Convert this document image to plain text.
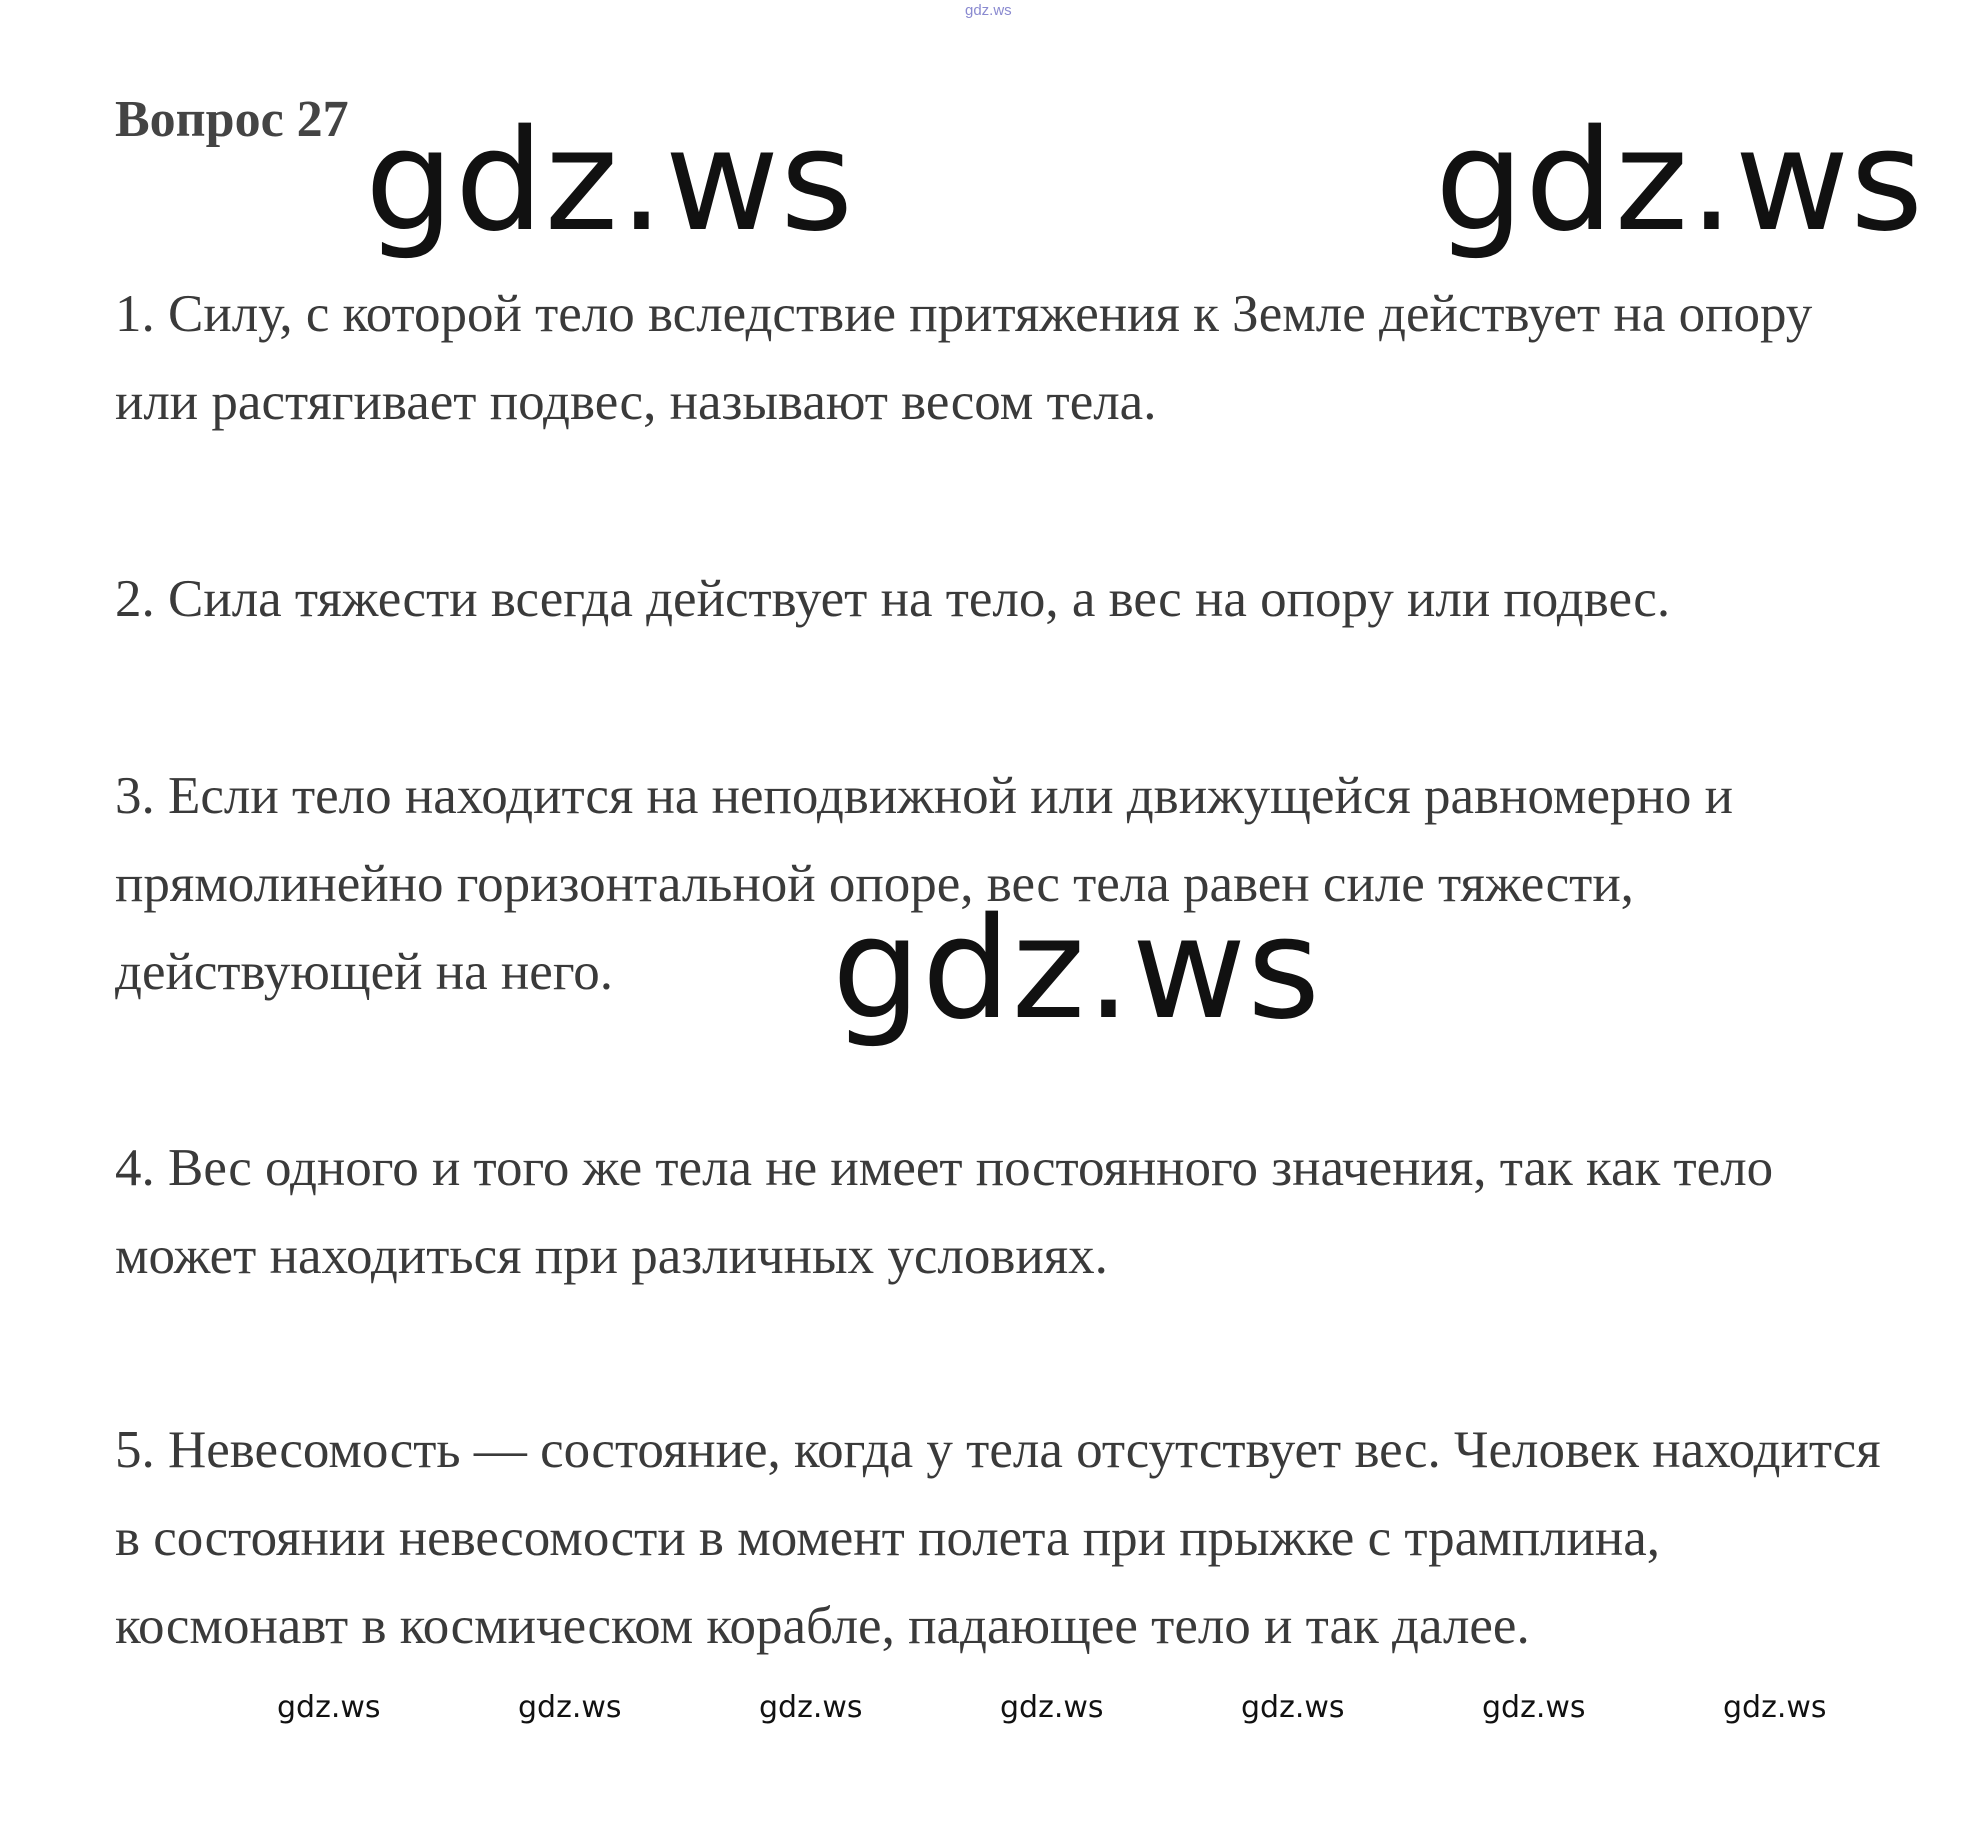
gdz.ws
Вопрос 27
1. Силу, с которой тело вследствие притяжения к Земле действует на опору или растягивает подвес, называют весом тела.
2. Сила тяжести всегда действует на тело, а вес на опору или подвес.
3. Если тело находится на неподвижной или движущейся равномерно и прямолинейно горизонтальной опоре, вес тела равен силе тяжести, действующей на него.
4. Вес одного и того же тела не имеет постоянного значения, так как тело может находиться при различных условиях.
5. Невесомость — состояние, когда у тела отсутствует вес. Человек находится в состоянии невесомости в момент полета при прыжке с трамплина, космонавт в космическом корабле, падающее тело и так далее.
gdz.ws	gdz.ws
gdz.ws
gdz.ws	gdz.ws	gdz.ws	gdz.ws	gdz.ws	gdz.ws	gdz.ws
